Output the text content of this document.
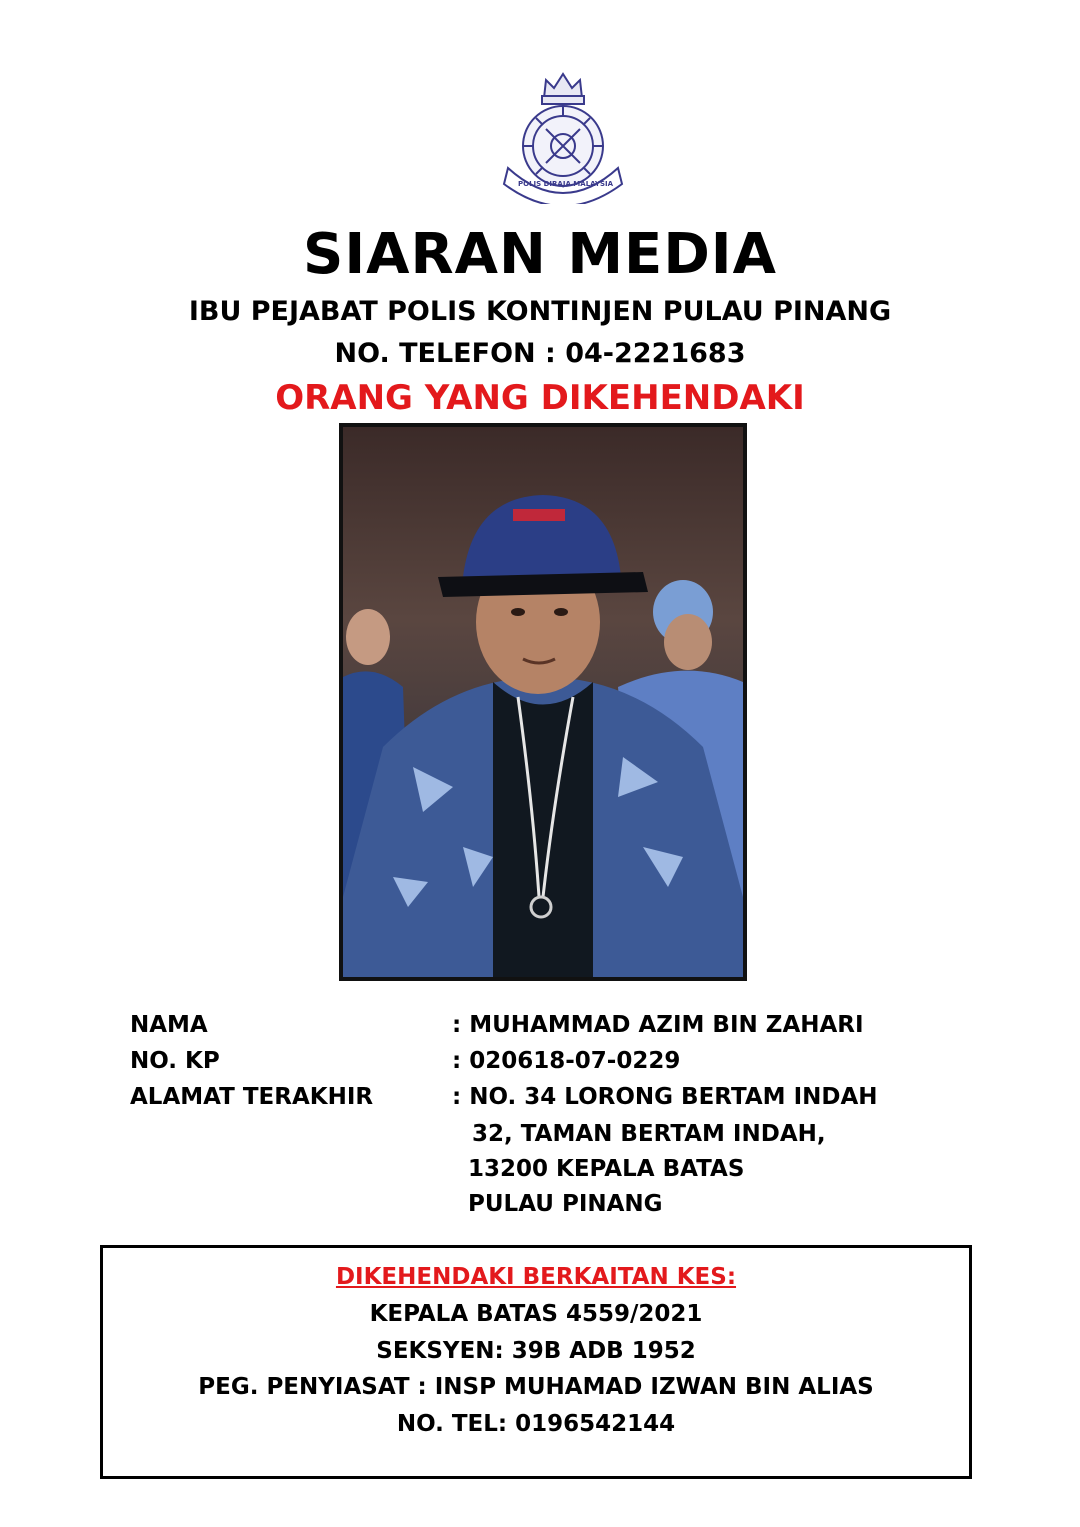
POLIS DIRAJA MALAYSIA
SIARAN MEDIA
IBU PEJABAT POLIS KONTINJEN PULAU PINANG
NO. TELEFON : 04-2221683
ORANG YANG DIKEHENDAKI
NAMA	: MUHAMMAD AZIM BIN ZAHARI
NO. KP	: 020618-07-0229
ALAMAT TERAKHIR	: NO. 34 LORONG BERTAM INDAH
32, TAMAN BERTAM INDAH,
13200 KEPALA BATAS
PULAU PINANG
DIKEHENDAKI BERKAITAN KES:
KEPALA BATAS 4559/2021
SEKSYEN: 39B ADB 1952
PEG. PENYIASAT : INSP MUHAMAD IZWAN BIN ALIAS
NO. TEL: 0196542144
